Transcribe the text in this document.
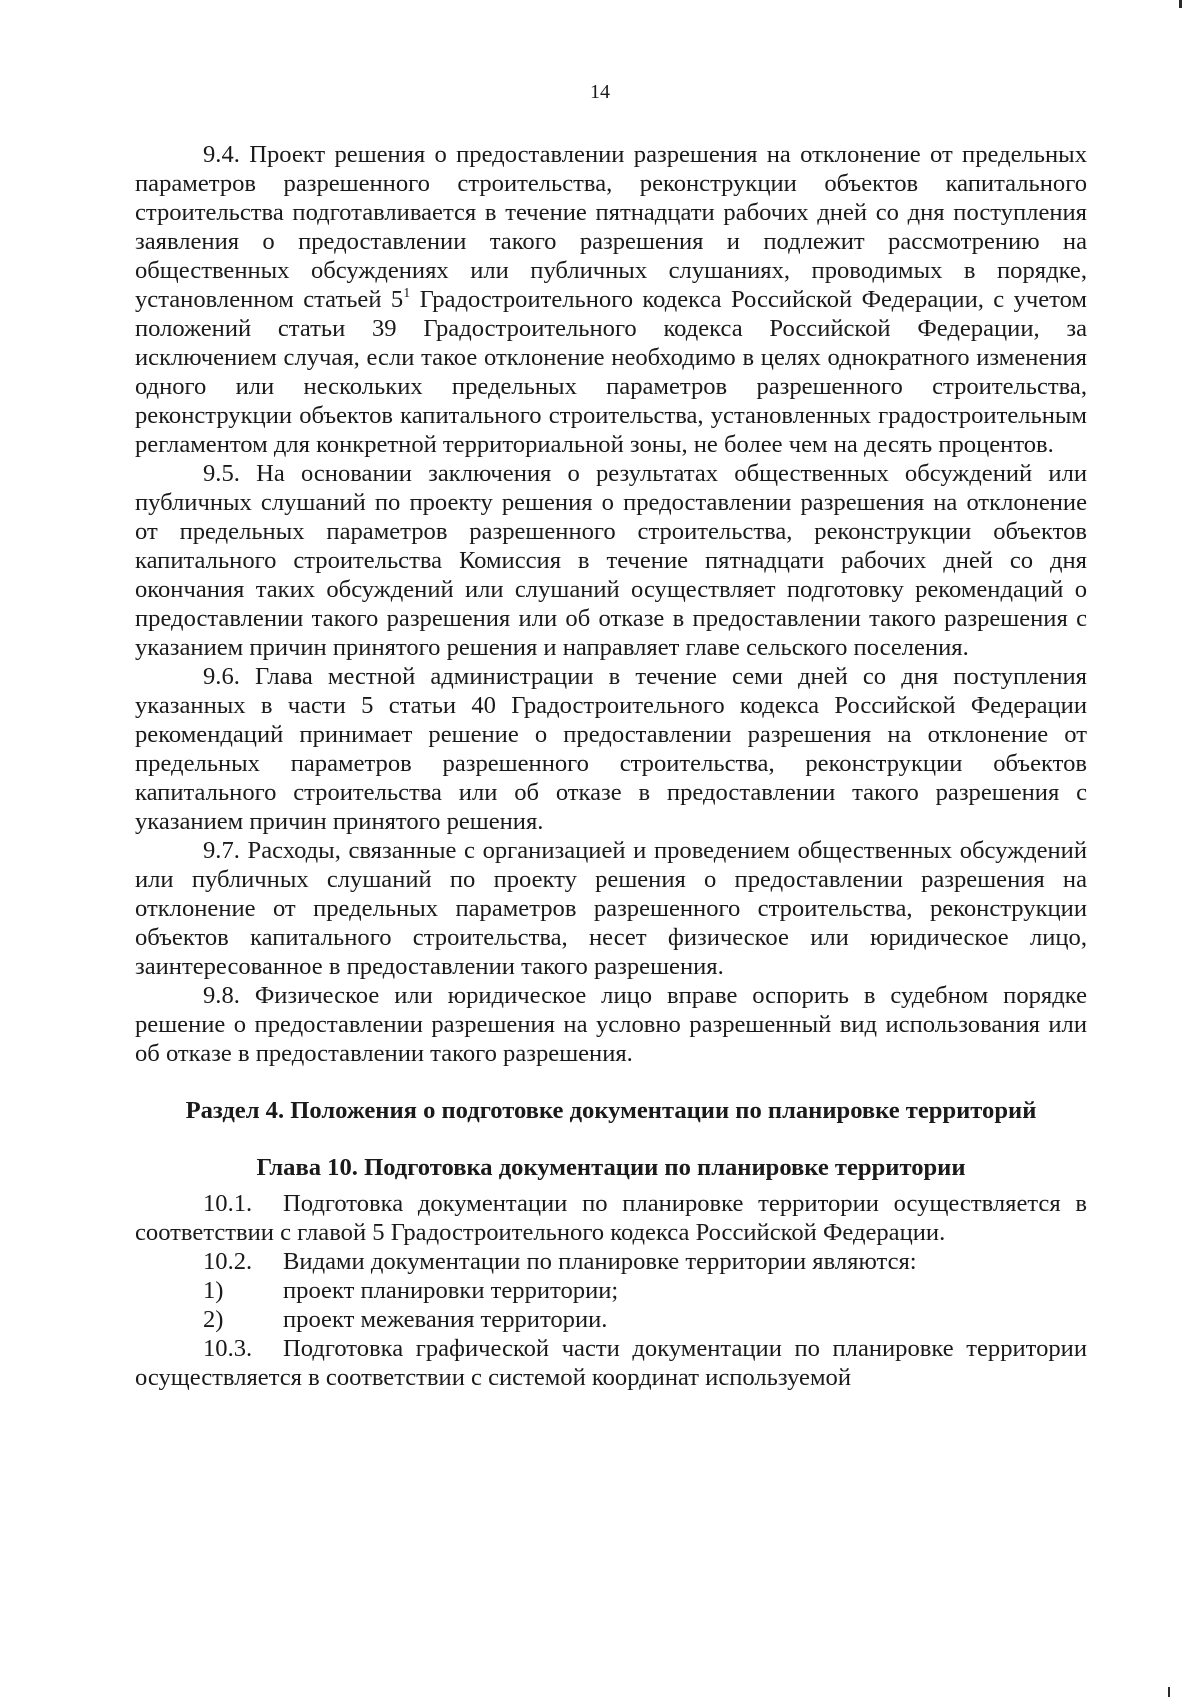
14

9.4. Проект решения о предоставлении разрешения на отклонение от предельных параметров разрешенного строительства, реконструкции объектов капитального строительства подготавливается в течение пятнадцати рабочих дней со дня поступления заявления о предоставлении такого разрешения и подлежит рассмотрению на общественных обсуждениях или публичных слушаниях, проводимых в порядке, установленном статьей $5^1$ Градостроительного кодекса Российской Федерации, с учетом положений статьи 39 Градостроительного кодекса Российской Федерации, за исключением случая, если такое отклонение необходимо в целях однократного изменения одного или нескольких предельных параметров разрешенного строительства, реконструкции объектов капитального строительства, установленных градостроительным регламентом для конкретной территориальной зоны, не более чем на десять процентов.

9.5. На основании заключения о результатах общественных обсуждений или публичных слушаний по проекту решения о предоставлении разрешения на отклонение от предельных параметров разрешенного строительства, реконструкции объектов капитального строительства Комиссия в течение пятнадцати рабочих дней со дня окончания таких обсуждений или слушаний осуществляет подготовку рекомендаций о предоставлении такого разрешения или об отказе в предоставлении такого разрешения с указанием причин принятого решения и направляет главе сельского поселения.

9.6. Глава местной администрации в течение семи дней со дня поступления указанных в части 5 статьи 40 Градостроительного кодекса Российской Федерации рекомендаций принимает решение о предоставлении разрешения на отклонение от предельных параметров разрешенного строительства, реконструкции объектов капитального строительства или об отказе в предоставлении такого разрешения с указанием причин принятого решения.

9.7. Расходы, связанные с организацией и проведением общественных обсуждений или публичных слушаний по проекту решения о предоставлении разрешения на отклонение от предельных параметров разрешенного строительства, реконструкции объектов капитального строительства, несет физическое или юридическое лицо, заинтересованное в предоставлении такого разрешения.

9.8. Физическое или юридическое лицо вправе оспорить в судебном порядке решение о предоставлении разрешения на условно разрешенный вид использования или об отказе в предоставлении такого разрешения.

Раздел 4. Положения о подготовке документации по планировке территорий

Глава 10. Подготовка документации по планировке территории

10.1. Подготовка документации по планировке территории осуществляется в соответствии с главой 5 Градостроительного кодекса Российской Федерации.

10.2. Видами документации по планировке территории являются:

1)	проект планировки территории;
2)	проект межевания территории.

10.3. Подготовка графической части документации по планировке территории осуществляется в соответствии с системой координат используемой
